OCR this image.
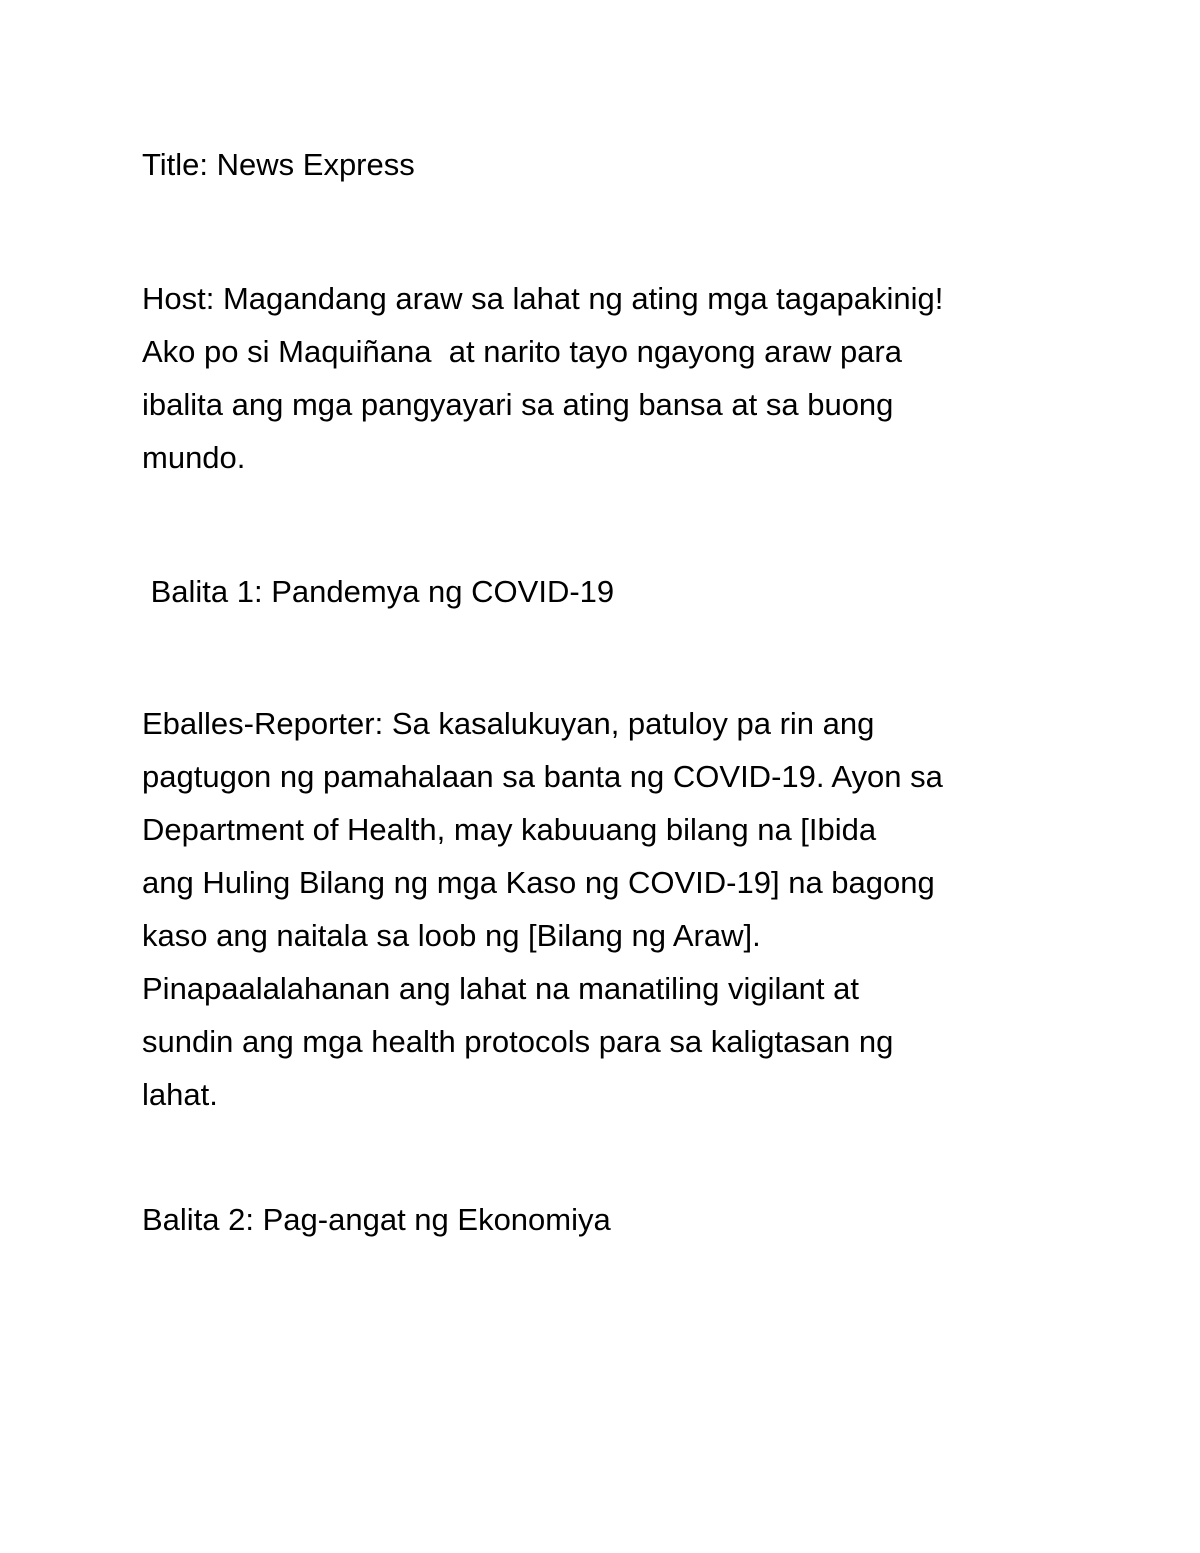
Title: News Express

Host: Magandang araw sa lahat ng ating mga tagapakinig!
Ako po si Maquiñana  at narito tayo ngayong araw para
ibalita ang mga pangyayari sa ating bansa at sa buong
mundo.

Balita 1: Pandemya ng COVID-19

Eballes-Reporter: Sa kasalukuyan, patuloy pa rin ang
pagtugon ng pamahalaan sa banta ng COVID-19. Ayon sa
Department of Health, may kabuuang bilang na [Ibida
ang Huling Bilang ng mga Kaso ng COVID-19] na bagong
kaso ang naitala sa loob ng [Bilang ng Araw].
Pinapaalalahanan ang lahat na manatiling vigilant at
sundin ang mga health protocols para sa kaligtasan ng
lahat.

Balita 2: Pag-angat ng Ekonomiya
